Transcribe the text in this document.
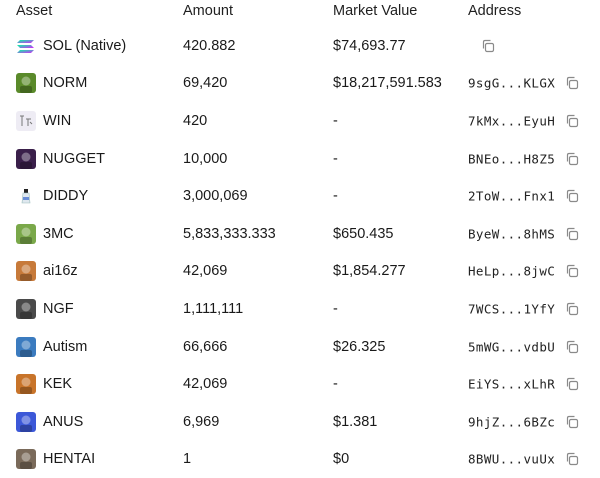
Asset	Amount	Market Value	Address
SOL (Native)	420.882	$74,693.77
NORM	69,420	$18,217,591.583 9sgG...KLGX
WIN	420	-	7kMx...EyuH
NUGGET	10,000	-	BNEo...H8Z5
DIDDY	3,000,069	-	2ToW...Fnx1
3MC	5,833,333.333	$650.435	ByeW...8hMS
ai16z	42,069	$1,854.277	HeLp...8jwC
NGF	1,111,111	-	7WCS...1YfY
Autism	66,666	$26.325	5mWG...vdbU
KEK	42,069	-	EiYS...xLhR
ANUS	6,969	$1.381	9hjZ...6BZc
HENTAI	1	$0	8BWU...vuUx
